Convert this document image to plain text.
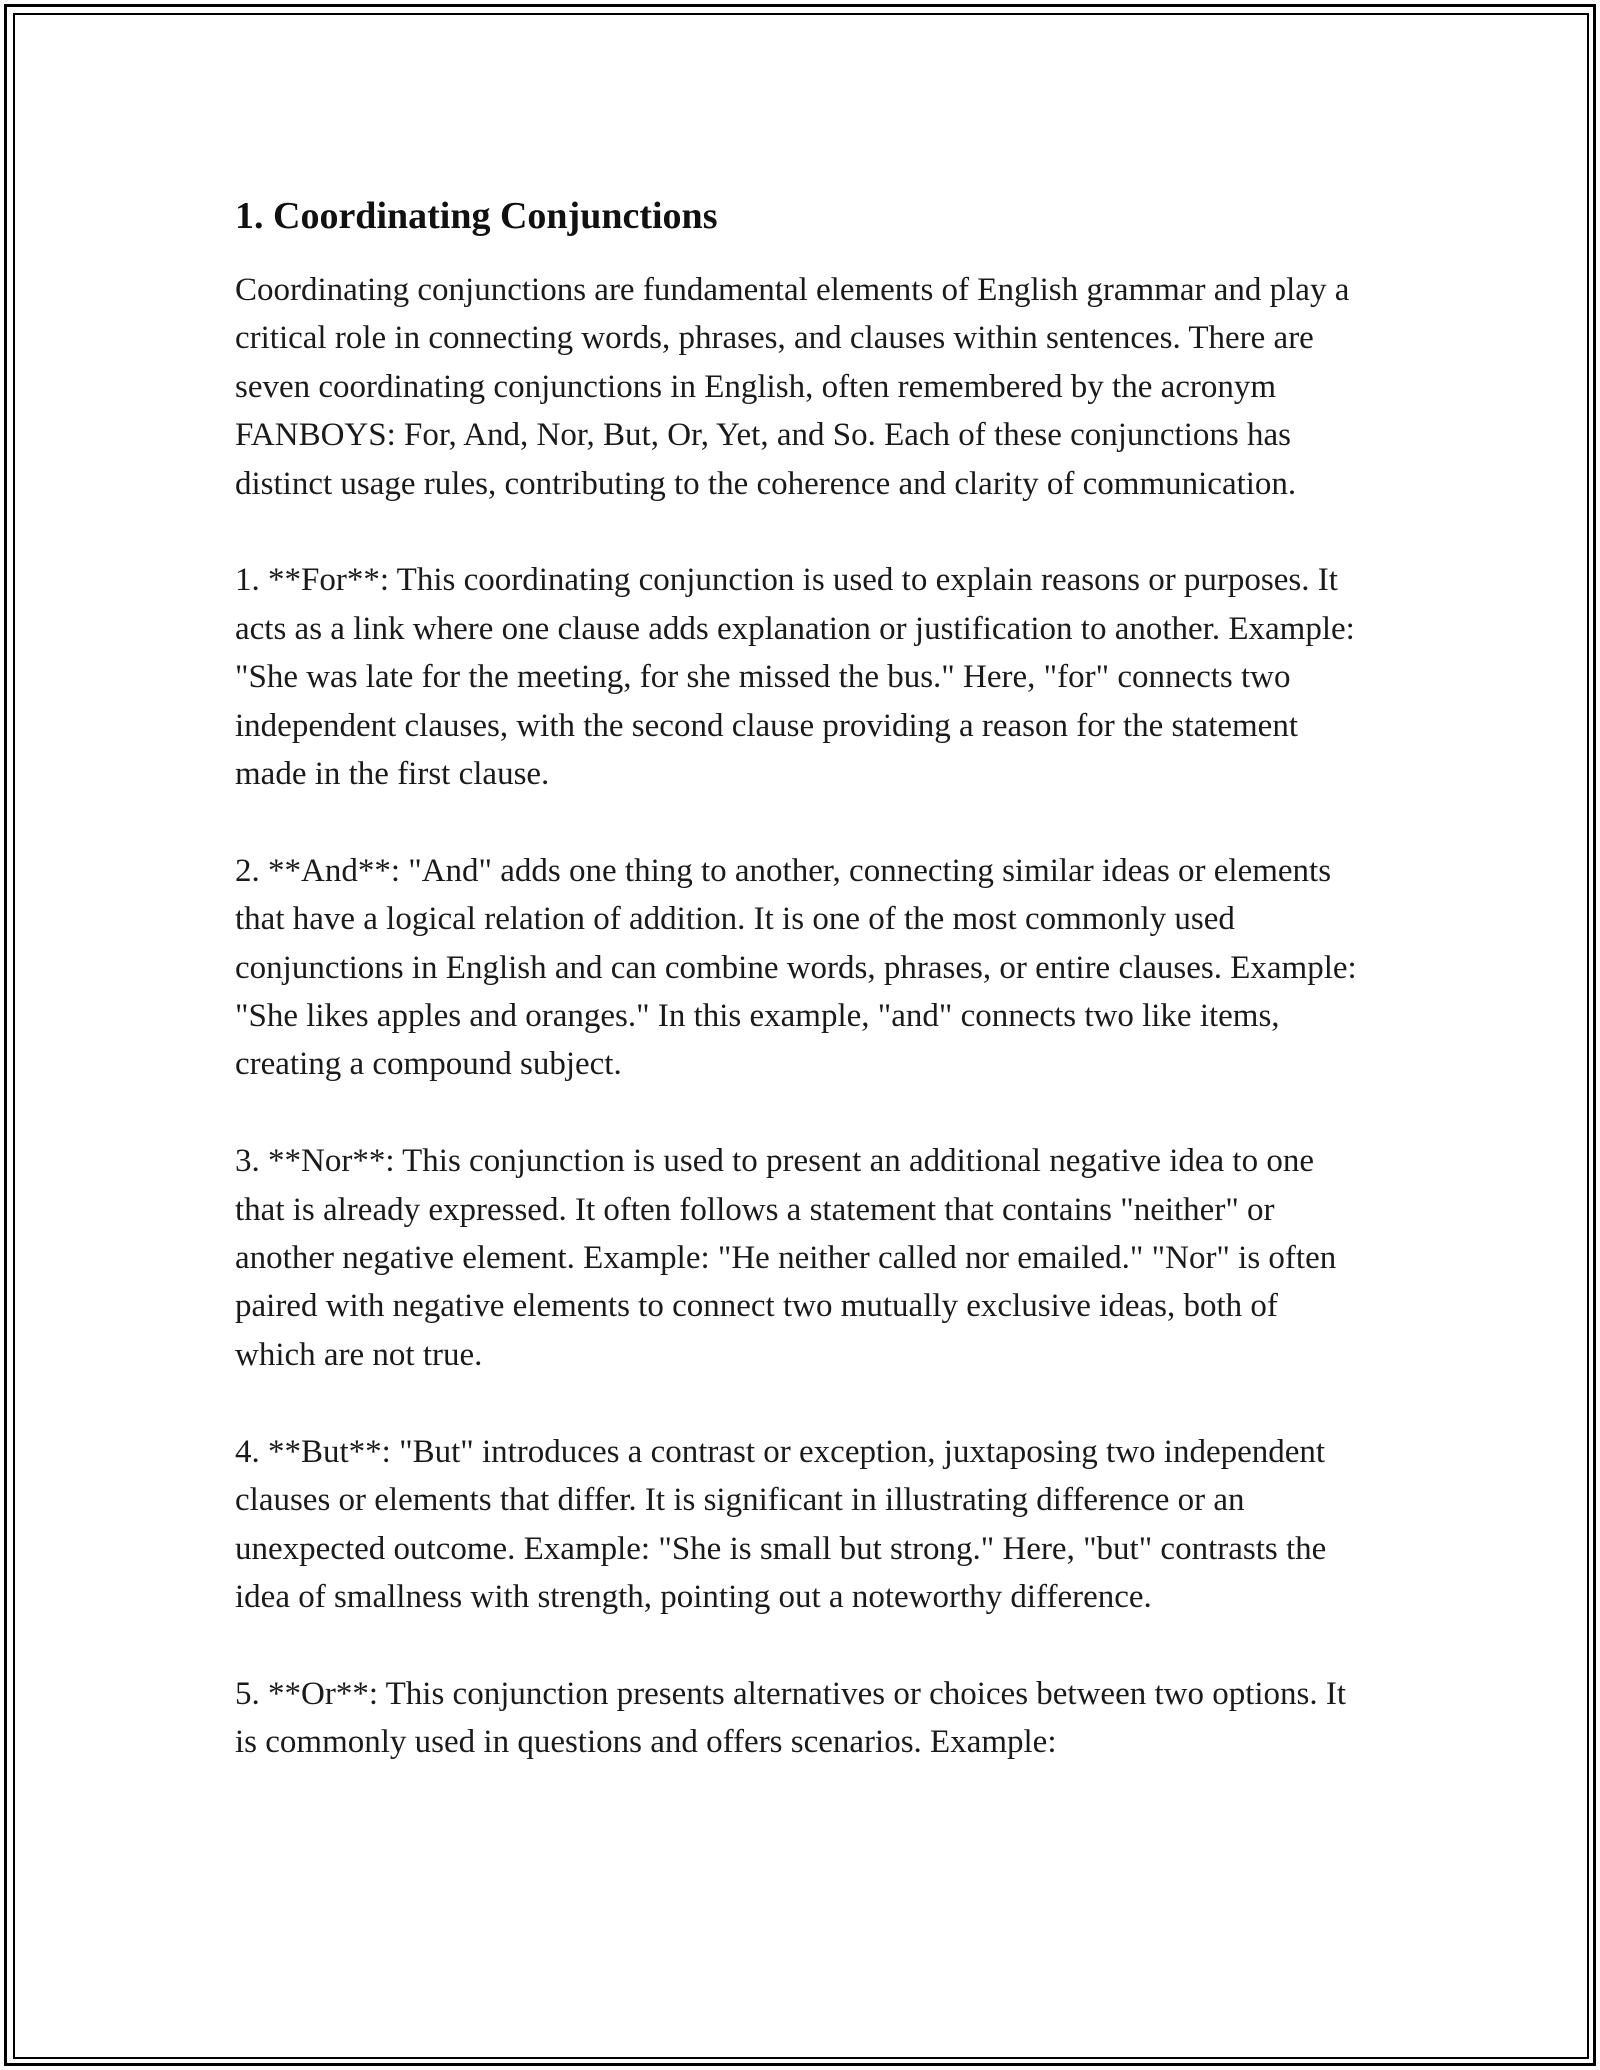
1. Coordinating Conjunctions

Coordinating conjunctions are fundamental elements of English grammar and play a critical role in connecting words, phrases, and clauses within sentences. There are seven coordinating conjunctions in English, often remembered by the acronym FANBOYS: For, And, Nor, But, Or, Yet, and So. Each of these conjunctions has distinct usage rules, contributing to the coherence and clarity of communication.

1. **For**: This coordinating conjunction is used to explain reasons or purposes. It acts as a link where one clause adds explanation or justification to another. Example: "She was late for the meeting, for she missed the bus." Here, "for" connects two independent clauses, with the second clause providing a reason for the statement made in the first clause.

2. **And**: "And" adds one thing to another, connecting similar ideas or elements that have a logical relation of addition. It is one of the most commonly used conjunctions in English and can combine words, phrases, or entire clauses. Example: "She likes apples and oranges." In this example, "and" connects two like items, creating a compound subject.

3. **Nor**: This conjunction is used to present an additional negative idea to one that is already expressed. It often follows a statement that contains "neither" or another negative element. Example: "He neither called nor emailed." "Nor" is often paired with negative elements to connect two mutually exclusive ideas, both of which are not true.

4. **But**: "But" introduces a contrast or exception, juxtaposing two independent clauses or elements that differ. It is significant in illustrating difference or an unexpected outcome. Example: "She is small but strong." Here, "but" contrasts the idea of smallness with strength, pointing out a noteworthy difference.

5. **Or**: This conjunction presents alternatives or choices between two options. It is commonly used in questions and offers scenarios. Example:
